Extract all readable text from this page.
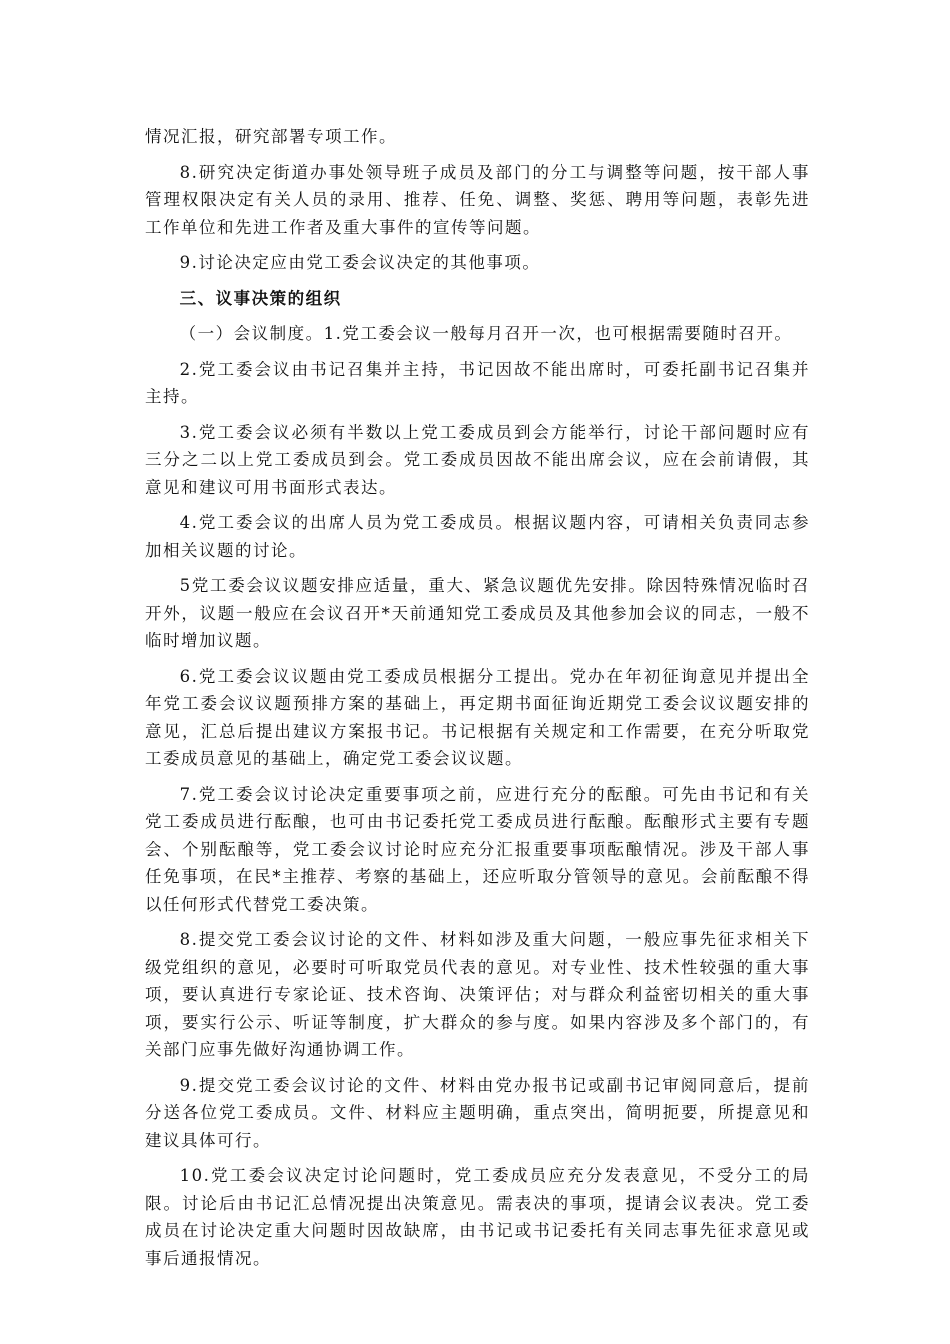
情况汇报，研究部署专项工作。

8.研究决定街道办事处领导班子成员及部门的分工与调整等问题，按干部人事管理权限决定有关人员的录用、推荐、任免、调整、奖惩、聘用等问题，表彰先进工作单位和先进工作者及重大事件的宣传等问题。

9.讨论决定应由党工委会议决定的其他事项。

三、议事决策的组织

（一）会议制度。1.党工委会议一般每月召开一次，也可根据需要随时召开。

2.党工委会议由书记召集并主持，书记因故不能出席时，可委托副书记召集并主持。

3.党工委会议必须有半数以上党工委成员到会方能举行，讨论干部问题时应有三分之二以上党工委成员到会。党工委成员因故不能出席会议，应在会前请假，其意见和建议可用书面形式表达。

4.党工委会议的出席人员为党工委成员。根据议题内容，可请相关负责同志参加相关议题的讨论。

5党工委会议议题安排应适量，重大、紧急议题优先安排。除因特殊情况临时召开外，议题一般应在会议召开*天前通知党工委成员及其他参加会议的同志，一般不临时增加议题。

6.党工委会议议题由党工委成员根据分工提出。党办在年初征询意见并提出全年党工委会议议题预排方案的基础上，再定期书面征询近期党工委会议议题安排的意见，汇总后提出建议方案报书记。书记根据有关规定和工作需要，在充分听取党工委成员意见的基础上，确定党工委会议议题。

7.党工委会议讨论决定重要事项之前，应进行充分的酝酿。可先由书记和有关党工委成员进行酝酿，也可由书记委托党工委成员进行酝酿。酝酿形式主要有专题会、个别酝酿等，党工委会议讨论时应充分汇报重要事项酝酿情况。涉及干部人事任免事项，在民*主推荐、考察的基础上，还应听取分管领导的意见。会前酝酿不得以任何形式代替党工委决策。

8.提交党工委会议讨论的文件、材料如涉及重大问题，一般应事先征求相关下级党组织的意见，必要时可听取党员代表的意见。对专业性、技术性较强的重大事项，要认真进行专家论证、技术咨询、决策评估；对与群众利益密切相关的重大事项，要实行公示、听证等制度，扩大群众的参与度。如果内容涉及多个部门的，有关部门应事先做好沟通协调工作。

9.提交党工委会议讨论的文件、材料由党办报书记或副书记审阅同意后，提前分送各位党工委成员。文件、材料应主题明确，重点突出，简明扼要，所提意见和建议具体可行。

10.党工委会议决定讨论问题时，党工委成员应充分发表意见，不受分工的局限。讨论后由书记汇总情况提出决策意见。需表决的事项，提请会议表决。党工委成员在讨论决定重大问题时因故缺席，由书记或书记委托有关同志事先征求意见或事后通报情况。
